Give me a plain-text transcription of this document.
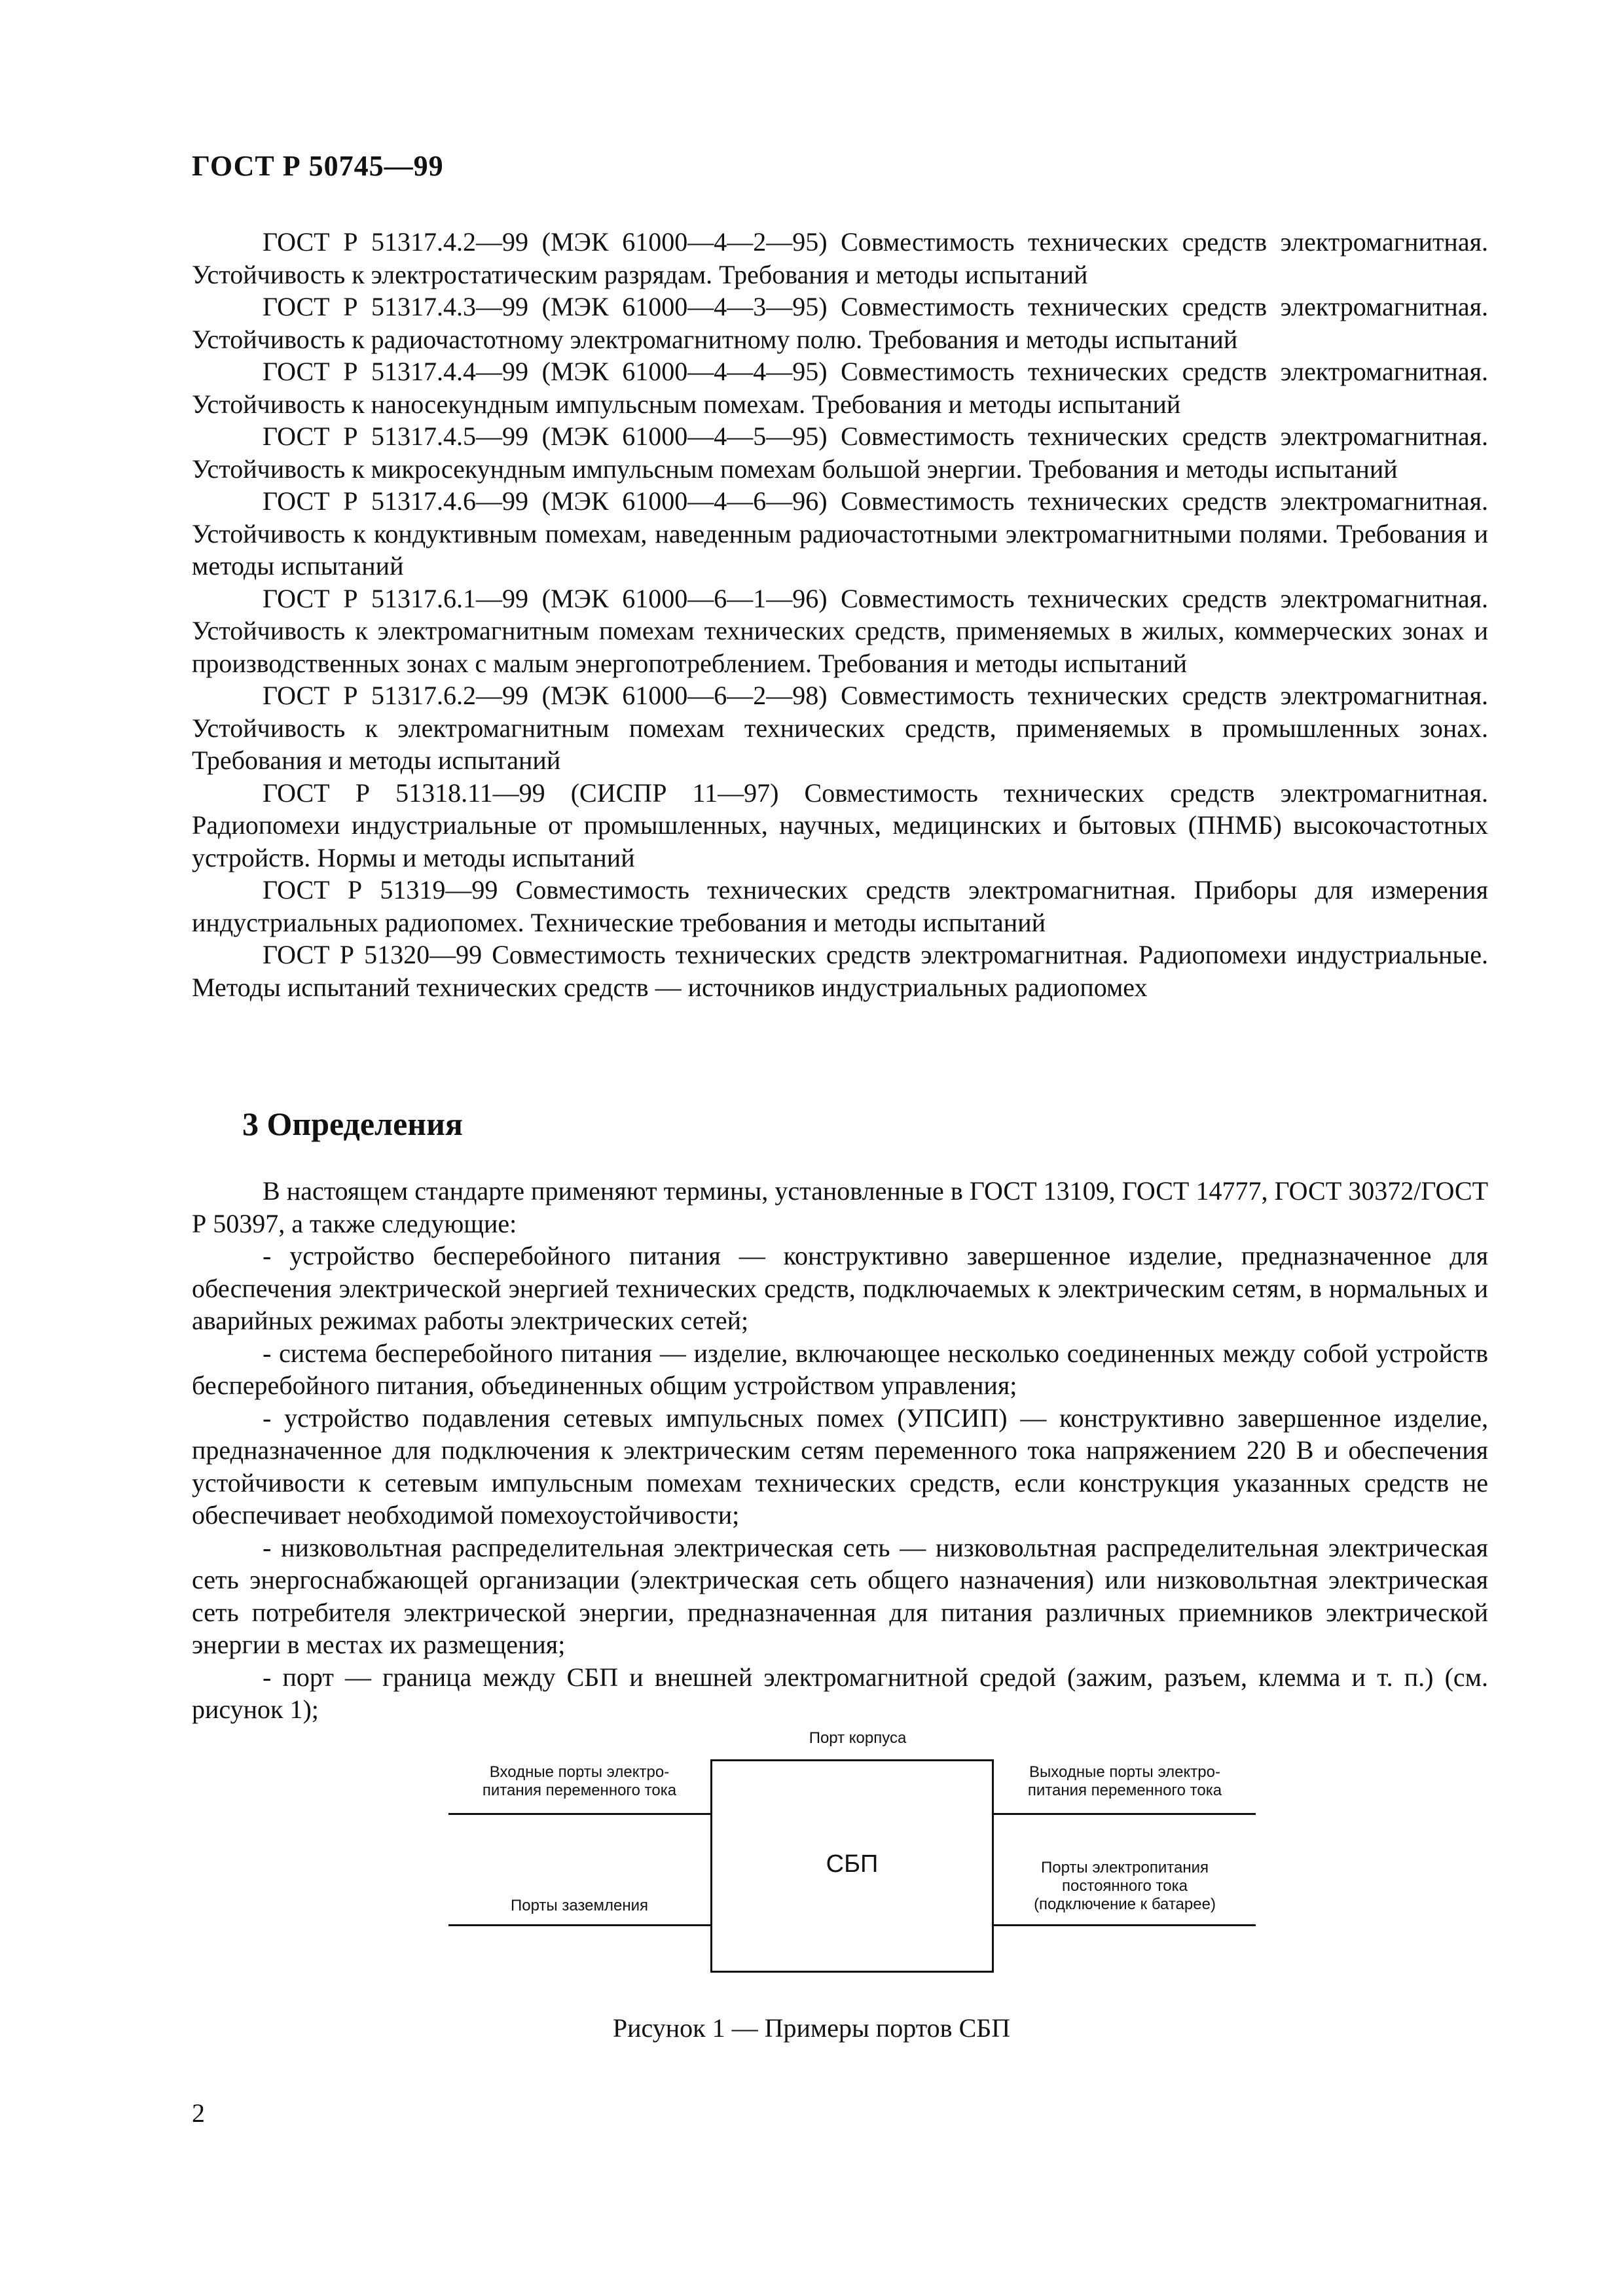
ГОСТ Р 50745—99

ГОСТ Р 51317.4.2—99 (МЭК 61000—4—2—95) Совместимость технических средств электромагнитная. Устойчивость к электростатическим разрядам. Требования и методы испытаний

ГОСТ Р 51317.4.3—99 (МЭК 61000—4—3—95) Совместимость технических средств электромагнитная. Устойчивость к радиочастотному электромагнитному полю. Требования и методы испытаний

ГОСТ Р 51317.4.4—99 (МЭК 61000—4—4—95) Совместимость технических средств электромагнитная. Устойчивость к наносекундным импульсным помехам. Требования и методы испытаний

ГОСТ Р 51317.4.5—99 (МЭК 61000—4—5—95) Совместимость технических средств электромагнитная. Устойчивость к микросекундным импульсным помехам большой энергии. Требования и методы испытаний

ГОСТ Р 51317.4.6—99 (МЭК 61000—4—6—96) Совместимость технических средств электромагнитная. Устойчивость к кондуктивным помехам, наведенным радиочастотными электромагнитными полями. Требования и методы испытаний

ГОСТ Р 51317.6.1—99 (МЭК 61000—6—1—96) Совместимость технических средств электромагнитная. Устойчивость к электромагнитным помехам технических средств, применяемых в жилых, коммерческих зонах и производственных зонах с малым энергопотреблением. Требования и методы испытаний

ГОСТ Р 51317.6.2—99 (МЭК 61000—6—2—98) Совместимость технических средств электромагнитная. Устойчивость к электромагнитным помехам технических средств, применяемых в промышленных зонах. Требования и методы испытаний

ГОСТ Р 51318.11—99 (СИСПР 11—97) Совместимость технических средств электромагнитная. Радиопомехи индустриальные от промышленных, научных, медицинских и бытовых (ПНМБ) высокочастотных устройств. Нормы и методы испытаний

ГОСТ Р 51319—99 Совместимость технических средств электромагнитная. Приборы для измерения индустриальных радиопомех. Технические требования и методы испытаний

ГОСТ Р 51320—99 Совместимость технических средств электромагнитная. Радиопомехи индустриальные. Методы испытаний технических средств — источников индустриальных радиопомех

3 Определения

В настоящем стандарте применяют термины, установленные в ГОСТ 13109, ГОСТ 14777, ГОСТ 30372/ГОСТ Р 50397, а также следующие:

- устройство бесперебойного питания — конструктивно завершенное изделие, предназначенное для обеспечения электрической энергией технических средств, подключаемых к электрическим сетям, в нормальных и аварийных режимах работы электрических сетей;

- система бесперебойного питания — изделие, включающее несколько соединенных между собой устройств бесперебойного питания, объединенных общим устройством управления;

- устройство подавления сетевых импульсных помех (УПСИП) — конструктивно завершенное изделие, предназначенное для подключения к электрическим сетям переменного тока напряжением 220 В и обеспечения устойчивости к сетевым импульсным помехам технических средств, если конструкция указанных средств не обеспечивает необходимой помехоустойчивости;

- низковольтная распределительная электрическая сеть — низковольтная распределительная электрическая сеть энергоснабжающей организации (электрическая сеть общего назначения) или низковольтная электрическая сеть потребителя электрической энергии, предназначенная для питания различных приемников электрической энергии в местах их размещения;

- порт — граница между СБП и внешней электромагнитной средой (зажим, разъем, клемма и т. п.) (см. рисунок 1);

Порт корпуса
СБП
Входные порты электро-
питания переменного тока
Порты заземления
Выходные порты электро-
питания переменного тока
Порты электропитания
постоянного тока
(подключение к батарее)
Рисунок 1 — Примеры портов СБП
2
